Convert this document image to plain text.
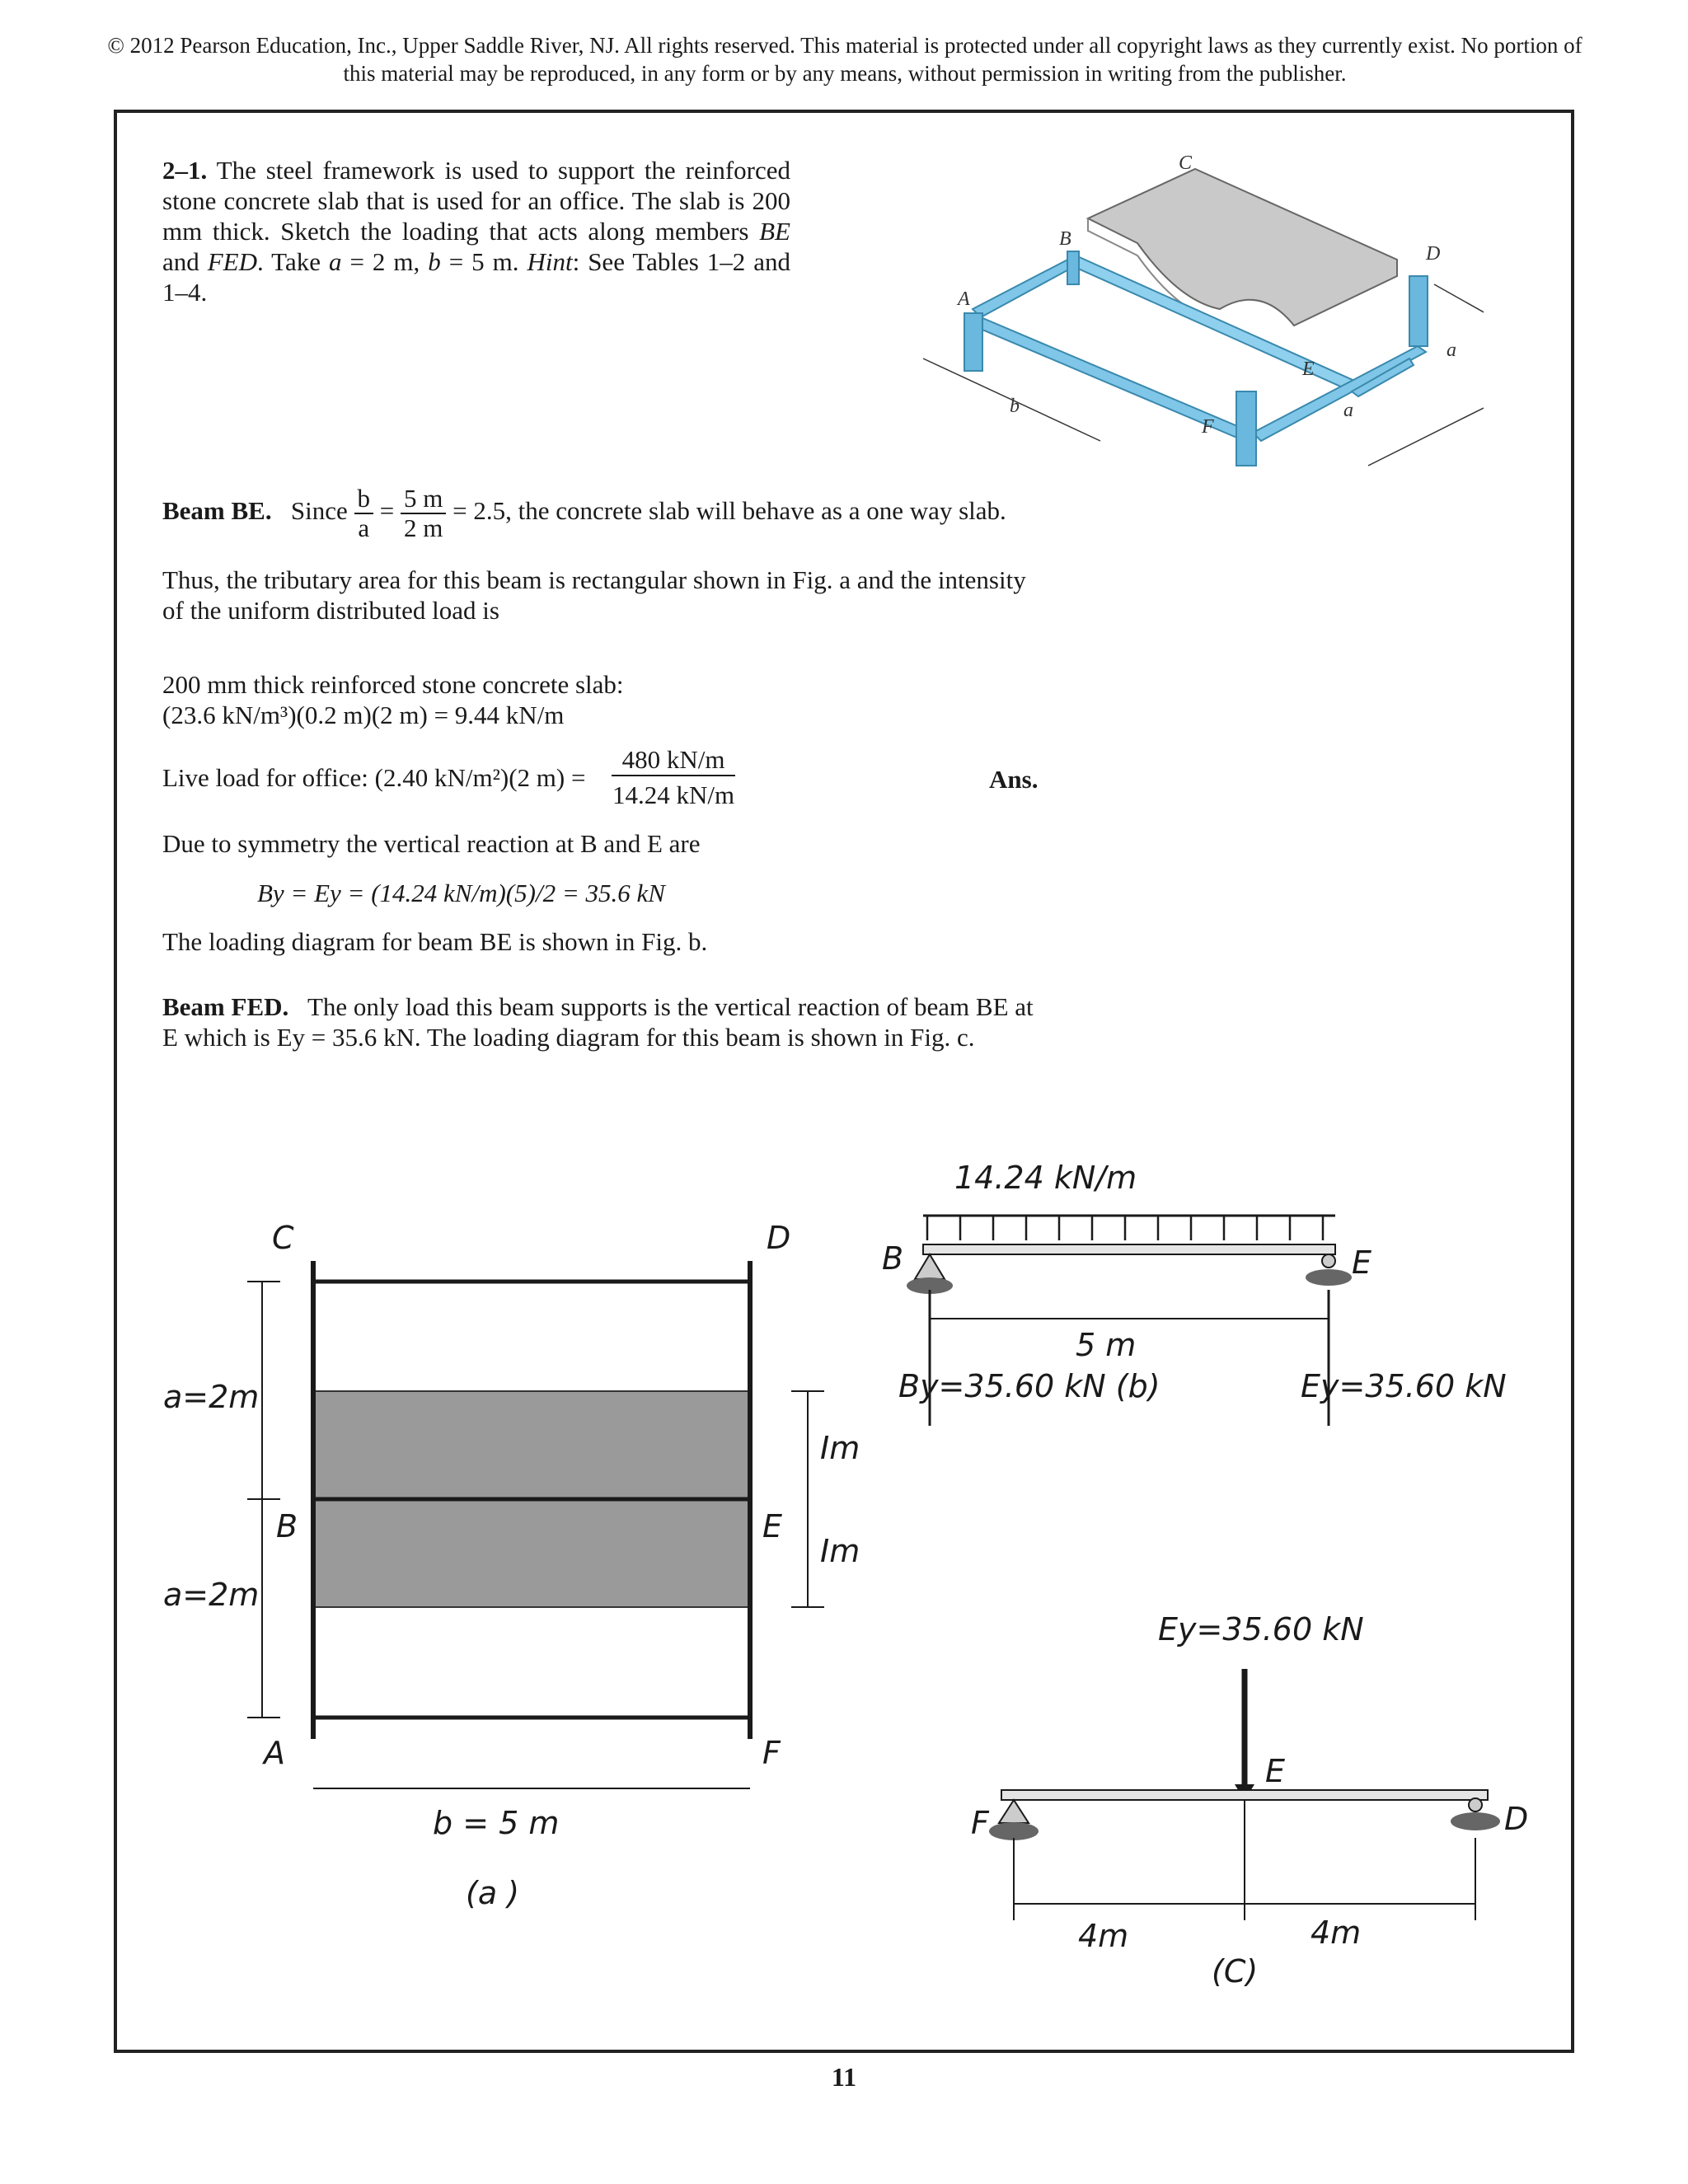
© 2012 Pearson Education, Inc., Upper Saddle River, NJ. All rights reserved. This material is protected under all copyright laws as they currently exist. No portion of this material may be reproduced, in any form or by any means, without permission in writing from the publisher.
2–1. The steel framework is used to support the reinforced stone concrete slab that is used for an office. The slab is 200 mm thick. Sketch the loading that acts along members BE and FED. Take a = 2 m, b = 5 m. Hint: See Tables 1–2 and 1–4.
C
B
D
A
E
F
b	a
a
Beam BE. Since $\frac{b}{a} = \frac{5 m}{2 m} = 2.5$, the concrete slab will behave as a one way slab.
Thus, the tributary area for this beam is rectangular shown in Fig. a and the intensity of the uniform distributed load is
200 mm thick reinforced stone concrete slab:
(23.6 kN/m³)(0.2 m)(2 m) = 9.44 kN/m
Live load for office: (2.40 kN/m²)(2 m) =
480 kN/m
14.24 kN/m
Ans.
Due to symmetry the vertical reaction at B and E are
By = Ey = (14.24 kN/m)(5)/2 = 35.6 kN
The loading diagram for beam BE is shown in Fig. b.
Beam FED. The only load this beam supports is the vertical reaction of beam BE at E which is Ey = 35.6 kN. The loading diagram for this beam is shown in Fig. c.
C	D
B	E
A	F
a=2m
a=2m
Im
Im
b = 5 m
(a )
14.24 kN/m
B	E
5 m
By=35.60 kN (b)	Ey=35.60 kN
Ey=35.60 kN
E
F	D
4m	4m
(C)
11
